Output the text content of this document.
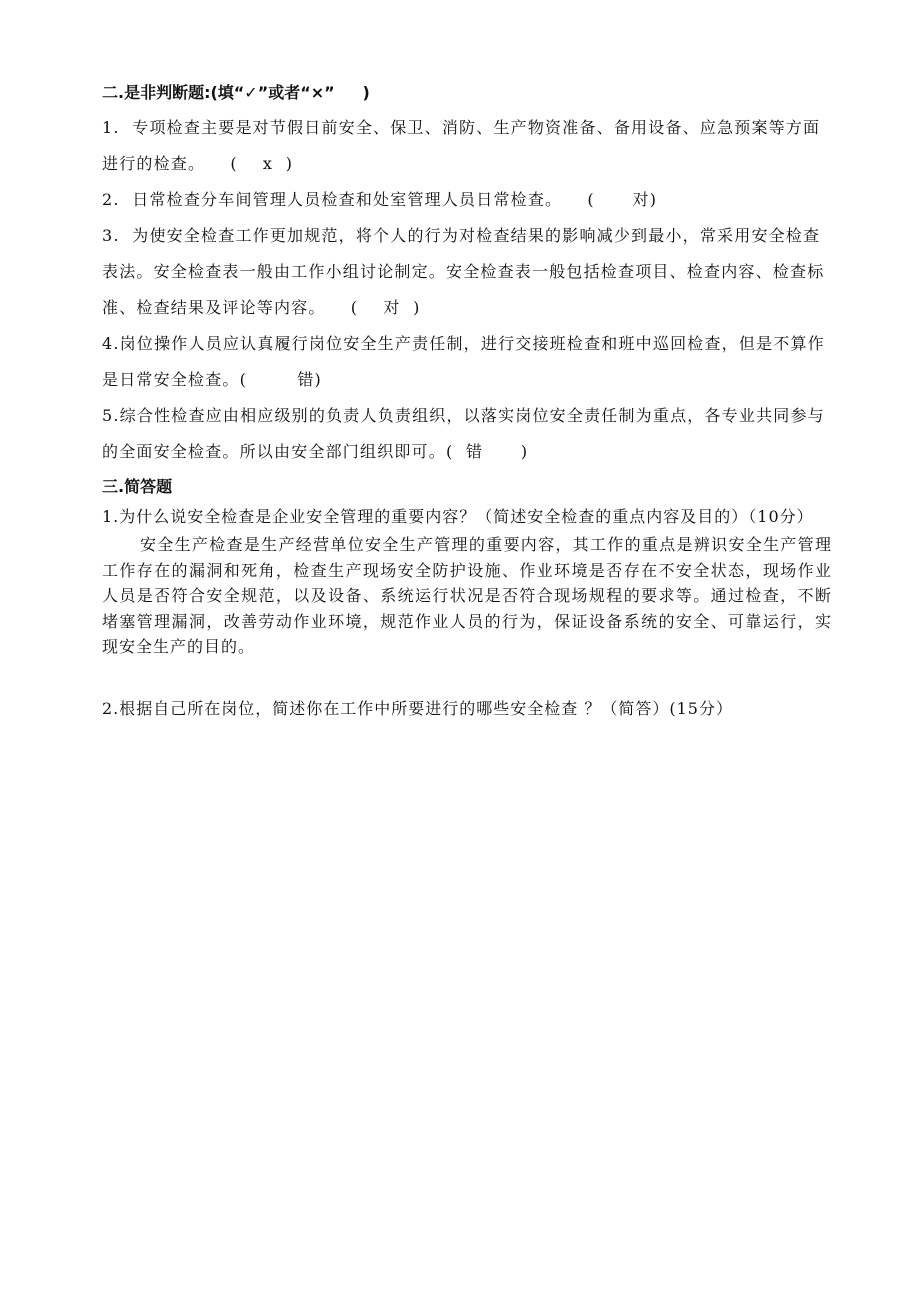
二.是非判断题:(填“✓”或者“×”     )

1.  专项检查主要是对节假日前安全、保卫、消防、生产物资准备、备用设备、应急预案等方面进行的检查。    (    x  )

2.  日常检查分车间管理人员检查和处室管理人员日常检查。    (      对)

3.  为使安全检查工作更加规范，将个人的行为对检查结果的影响减少到最小，常采用安全检查表法。安全检查表一般由工作小组讨论制定。安全检查表一般包括检查项目、检查内容、检查标准、检查结果及评论等内容。    (    对  )

4.岗位操作人员应认真履行岗位安全生产责任制，进行交接班检查和班中巡回检查，但是不算作是日常安全检查。(        错)

5.综合性检查应由相应级别的负责人负责组织，以落实岗位安全责任制为重点，各专业共同参与的全面安全检查。所以由安全部门组织即可。(  错      )

三.简答题

1.为什么说安全检查是企业安全管理的重要内容？（简述安全检查的重点内容及目的）（10分）

安全生产检查是生产经营单位安全生产管理的重要内容，其工作的重点是辨识安全生产管理工作存在的漏洞和死角，检查生产现场安全防护设施、作业环境是否存在不安全状态，现场作业人员是否符合安全规范，以及设备、系统运行状况是否符合现场规程的要求等。通过检查，不断堵塞管理漏洞，改善劳动作业环境，规范作业人员的行为，保证设备系统的安全、可靠运行，实现安全生产的目的。

2.根据自己所在岗位，简述你在工作中所要进行的哪些安全检查 ？（简答）(15分）
